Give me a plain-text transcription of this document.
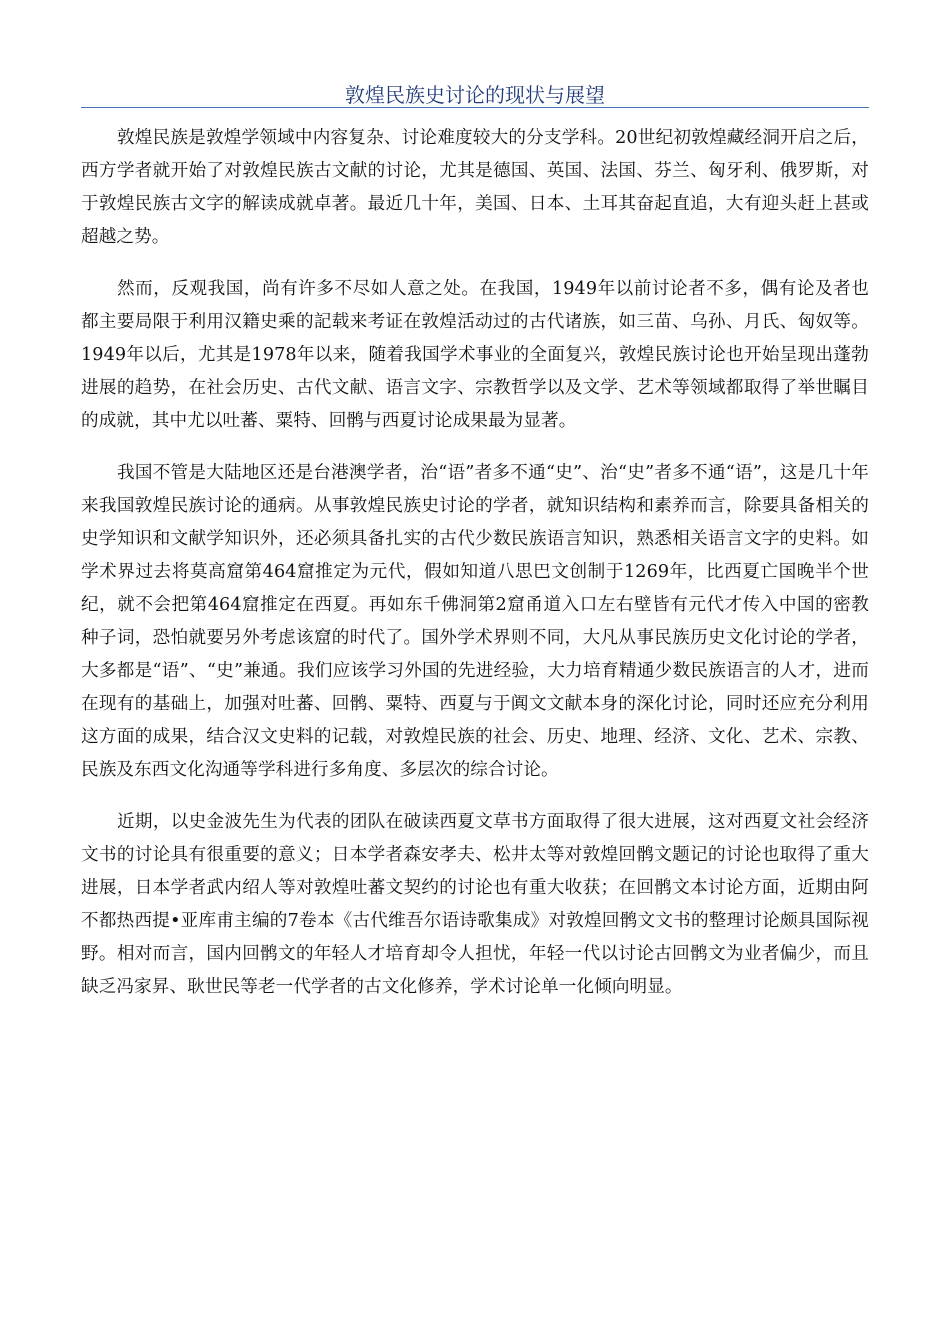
敦煌民族史讨论的现状与展望

敦煌民族是敦煌学领域中内容复杂、讨论难度较大的分支学科。20世纪初敦煌藏经洞开启之后，西方学者就开始了对敦煌民族古文献的讨论，尤其是德国、英国、法国、芬兰、匈牙利、俄罗斯，对于敦煌民族古文字的解读成就卓著。最近几十年，美国、日本、土耳其奋起直追，大有迎头赶上甚或超越之势。

然而，反观我国，尚有许多不尽如人意之处。在我国，1949年以前讨论者不多，偶有论及者也都主要局限于利用汉籍史乘的記载来考证在敦煌活动过的古代诸族，如三苗、乌孙、月氏、匈奴等。1949年以后，尤其是1978年以来，随着我国学术事业的全面复兴，敦煌民族讨论也开始呈现出蓬勃进展的趋势，在社会历史、古代文献、语言文字、宗教哲学以及文学、艺术等领域都取得了举世瞩目的成就，其中尤以吐蕃、粟特、回鹘与西夏讨论成果最为显著。

我国不管是大陆地区还是台港澳学者，治“语”者多不通“史”、治“史”者多不通“语”，这是几十年来我国敦煌民族讨论的通病。从事敦煌民族史讨论的学者，就知识结构和素养而言，除要具备相关的史学知识和文献学知识外，还必须具备扎实的古代少数民族语言知识，熟悉相关语言文字的史料。如学术界过去将莫高窟第464窟推定为元代，假如知道八思巴文创制于1269年，比西夏亡国晚半个世纪，就不会把第464窟推定在西夏。再如东千佛洞第2窟甬道入口左右壁皆有元代才传入中国的密教种子词，恐怕就要另外考虑该窟的时代了。国外学术界则不同，大凡从事民族历史文化讨论的学者，大多都是“语”、“史”兼通。我们应该学习外国的先进经验，大力培育精通少数民族语言的人才，进而在现有的基础上，加强对吐蕃、回鹘、粟特、西夏与于阗文文献本身的深化讨论，同时还应充分利用这方面的成果，结合汉文史料的记载，对敦煌民族的社会、历史、地理、经济、文化、艺术、宗教、民族及东西文化沟通等学科进行多角度、多层次的综合讨论。

近期，以史金波先生为代表的团队在破读西夏文草书方面取得了很大进展，这对西夏文社会经济文书的讨论具有很重要的意义；日本学者森安孝夫、松井太等对敦煌回鹘文题记的讨论也取得了重大进展，日本学者武内绍人等对敦煌吐蕃文契约的讨论也有重大收获；在回鹘文本讨论方面，近期由阿不都热西提•亚库甫主编的7卷本《古代维吾尔语诗歌集成》对敦煌回鹘文文书的整理讨论颇具国际视野。相对而言，国内回鹘文的年轻人才培育却令人担忧，年轻一代以讨论古回鹘文为业者偏少，而且缺乏冯家昇、耿世民等老一代学者的古文化修养，学术讨论单一化倾向明显。
